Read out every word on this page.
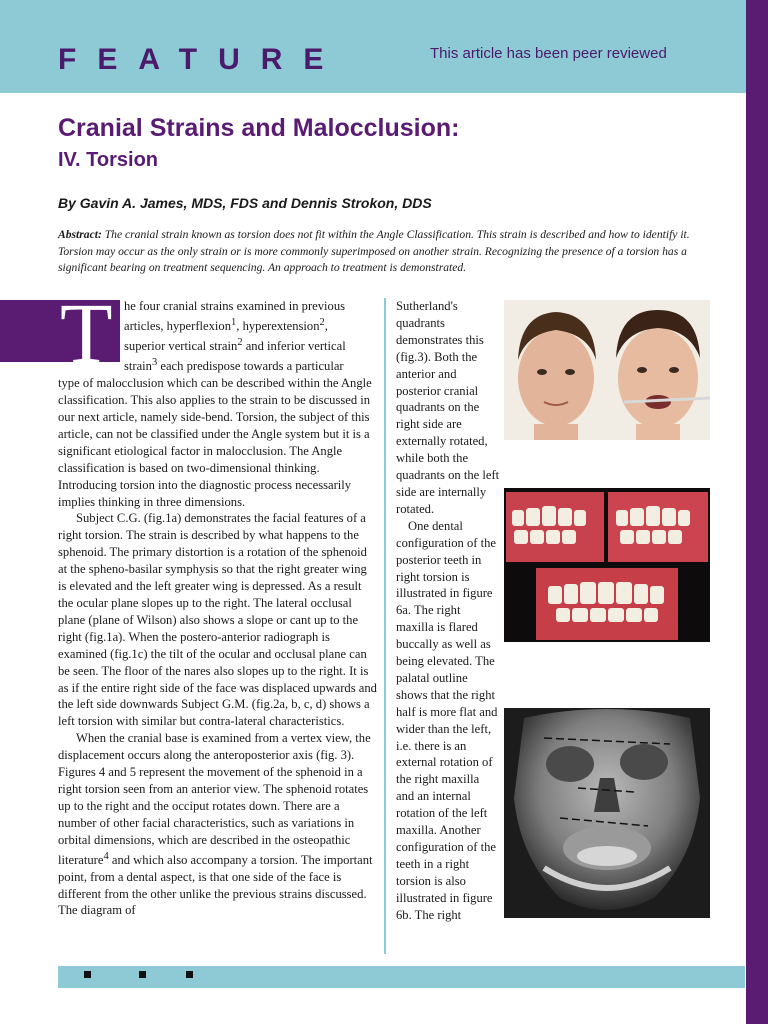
FEATURE	This article has been peer reviewed
Cranial Strains and Malocclusion:
IV. Torsion
By Gavin A. James, MDS, FDS and Dennis Strokon, DDS
Abstract: The cranial strain known as torsion does not fit within the Angle Classification. This strain is described and how to identify it. Torsion may occur as the only strain or is more commonly superimposed on another strain. Recognizing the presence of a torsion has a significant bearing on treatment sequencing. An approach to treatment is demonstrated.
T he four cranial strains examined in previous
articles, hyperflexion$^1$, hyperextension$^2$,
superior vertical strain$^2$ and inferior vertical
strain$^3$ each predispose towards a particular
type of malocclusion which can be described within the Angle classification. This also applies to the strain to be discussed in our next article, namely side-bend. Torsion, the subject of this article, can not be classified under the Angle system but it is a significant etiological factor in malocclusion. The Angle classification is based on two-dimensional thinking. Introducing torsion into the diagnostic process necessarily implies thinking in three dimensions.

Subject C.G. (fig.1a) demonstrates the facial features of a right torsion. The strain is described by what happens to the sphenoid. The primary distortion is a rotation of the sphenoid at the spheno-basilar symphysis so that the right greater wing is elevated and the left greater wing is depressed. As a result the ocular plane slopes up to the right. The lateral occlusal plane (plane of Wilson) also shows a slope or cant up to the right (fig.1a). When the postero-anterior radiograph is examined (fig.1c) the tilt of the ocular and occlusal plane can be seen. The floor of the nares also slopes up to the right. It is as if the entire right side of the face was displaced upwards and the left side downwards Subject G.M. (fig.2a, b, c, d) shows a left torsion with similar but contra-lateral characteristics.

When the cranial base is examined from a vertex view, the displacement occurs along the anteroposterior axis (fig. 3). Figures 4 and 5 represent the movement of the sphenoid in a right torsion seen from an anterior view. The sphenoid rotates up to the right and the occiput rotates down. There are a number of other facial characteristics, such as variations in orbital dimensions, which are described in the osteopathic literature$^4$ and which also accompany a torsion. The important point, from a dental aspect, is that one side of the face is different from the other unlike the previous strains discussed. The diagram of

Sutherland's quadrants demonstrates this (fig.3). Both the anterior and posterior cranial quadrants on the right side are externally rotated, while both the quadrants on the left side are internally rotated.

One dental configuration of the posterior teeth in right torsion is illustrated in figure 6a. The right maxilla is flared buccally as well as being elevated. The palatal outline shows that the right half is more flat and wider than the left, i.e. there is an external rotation of the right maxilla and an internal rotation of the left maxilla. Another configuration of the teeth in a right torsion is also illustrated in figure 6b. The right
